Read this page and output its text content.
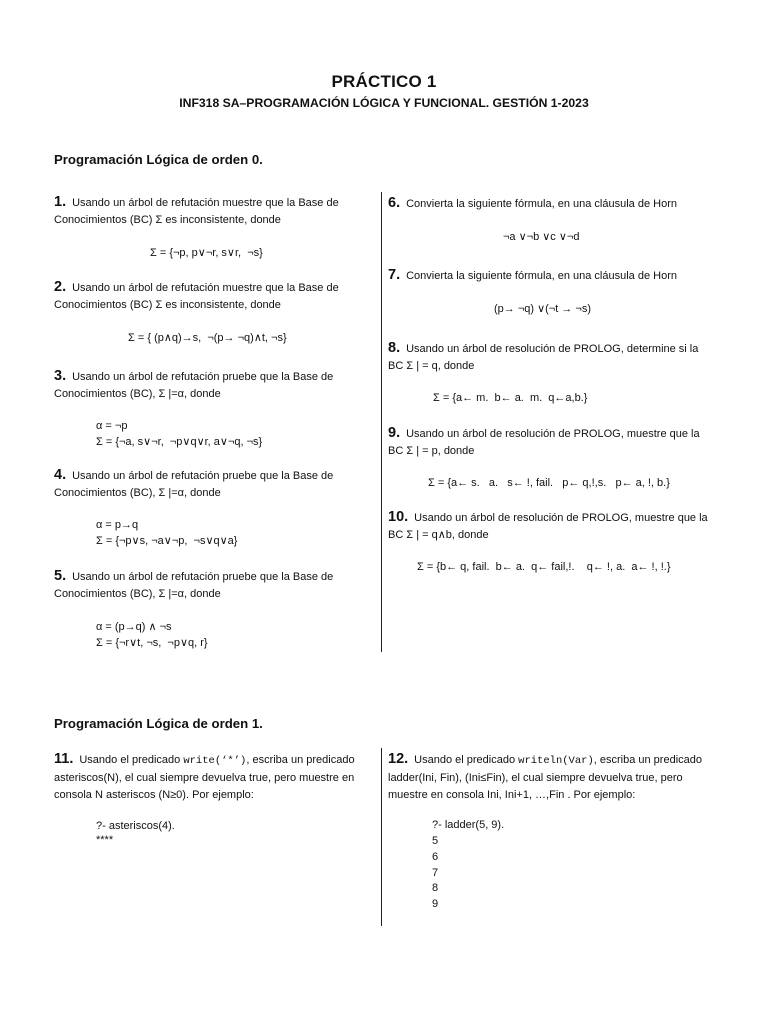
PRÁCTICO 1
INF318 SA–PROGRAMACIÓN LÓGICA Y FUNCIONAL. GESTIÓN 1-2023
Programación Lógica de orden 0.
1. Usando un árbol de refutación muestre que la Base de Conocimientos (BC) Σ es inconsistente, donde
Σ = {¬p, p∨¬r, s∨r,  ¬s}
2. Usando un árbol de refutación muestre que la Base de Conocimientos (BC) Σ es inconsistente, donde
Σ = { (p∧q)→s,  ¬(p→ ¬q)∧t, ¬s}
3. Usando un árbol de refutación pruebe que la Base de Conocimientos (BC), Σ |=α, donde
α = ¬p
Σ = {¬a, s∨¬r,  ¬p∨q∨r, a∨¬q, ¬s}
4. Usando un árbol de refutación pruebe que la Base de Conocimientos (BC), Σ |=α, donde
α = p→q
Σ = {¬p∨s, ¬a∨¬p,  ¬s∨q∨a}
5. Usando un árbol de refutación pruebe que la Base de Conocimientos (BC), Σ |=α, donde
α = (p→q) ∧ ¬s
Σ = {¬r∨t, ¬s,  ¬p∨q, r}
6. Convierta la siguiente fórmula, en una cláusula de Horn
¬a ∨¬b ∨c ∨¬d
7. Convierta la siguiente fórmula, en una cláusula de Horn
(p→ ¬q) ∨(¬t → ¬s)
8. Usando un árbol de resolución de PROLOG, determine si la BC Σ | = q, donde
Σ = {a← m.  b← a.  m.  q←a,b.}
9. Usando un árbol de resolución de PROLOG, muestre que la BC Σ | = p, donde
Σ = {a← s.   a.   s← !, fail.   p← q,!,s.   p← a, !, b.}
10. Usando un árbol de resolución de PROLOG, muestre que la BC Σ | = q∧b, donde
Σ = {b← q, fail.  b← a.  q← fail,!.    q← !, a.  a← !, !.}
Programación Lógica de orden 1.
11. Usando el predicado write(‘*’), escriba un predicado asteriscos(N), el cual siempre devuelva true, pero muestre en consola N asteriscos (N≥0). Por ejemplo:
?- asteriscos(4).
****
12. Usando el predicado writeln(Var), escriba un predicado ladder(Ini, Fin), (Ini≤Fin), el cual siempre devuelva true, pero muestre en consola Ini, Ini+1, …,Fin . Por ejemplo:
?- ladder(5, 9).
5
6
7
8
9
